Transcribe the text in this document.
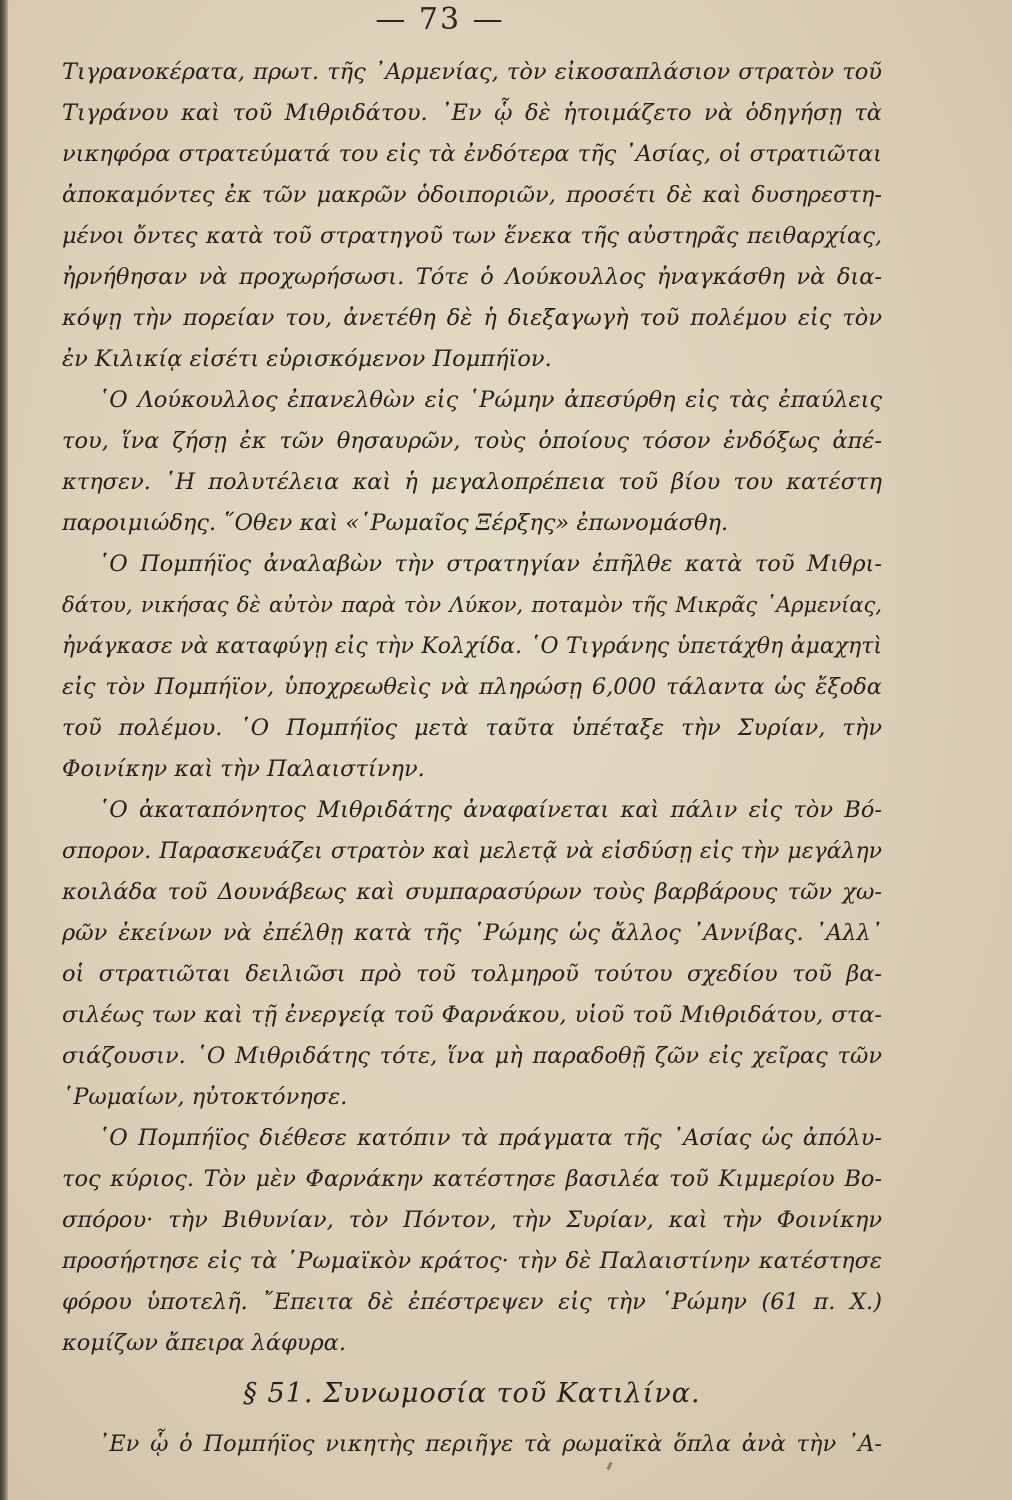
— 73 —
Τιγρανοκέρατα, πρωτ. τῆς ᾿Αρμενίας, τὸν εἰκοσαπλάσιον στρατὸν τοῦ
Τιγράνου καὶ τοῦ Μιθριδάτου. ᾿Εν ᾧ δὲ ἡτοιμάζετο νὰ ὁδηγήσῃ τὰ
νικηφόρα στρατεύματά του εἰς τὰ ἐνδότερα τῆς ᾿Ασίας, οἱ στρατιῶται
ἀποκαμόντες ἐκ τῶν μακρῶν ὁδοιποριῶν, προσέτι δὲ καὶ δυσηρεστη-
μένοι ὄντες κατὰ τοῦ στρατηγοῦ των ἕνεκα τῆς αὐστηρᾶς πειθαρχίας,
ἠρνήθησαν νὰ προχωρήσωσι. Τότε ὁ Λούκουλλος ἠναγκάσθη νὰ δια-
κόψῃ τὴν πορείαν του, ἀνετέθη δὲ ἡ διεξαγωγὴ τοῦ πολέμου εἰς τὸν
ἐν Κιλικίᾳ εἰσέτι εὑρισκόμενον Πομπήϊον.
῾Ο Λούκουλλος ἐπανελθὼν εἰς ῾Ρώμην ἀπεσύρθη εἰς τὰς ἐπαύλεις
του, ἵνα ζήσῃ ἐκ τῶν θησαυρῶν, τοὺς ὁποίους τόσον ἐνδόξως ἀπέ-
κτησεν. ῾Η πολυτέλεια καὶ ἡ μεγαλοπρέπεια τοῦ βίου του κατέστη
παροιμιώδης. ῞Οθεν καὶ «῾Ρωμαῖος Ξέρξης» ἐπωνομάσθη.
῾Ο Πομπήϊος ἀναλαβὼν τὴν στρατηγίαν ἐπῆλθε κατὰ τοῦ Μιθρι-
δάτου, νικήσας δὲ αὐτὸν παρὰ τὸν Λύκον, ποταμὸν τῆς Μικρᾶς ᾿Αρμενίας,
ἠνάγκασε νὰ καταφύγῃ εἰς τὴν Κολχίδα. ῾Ο Τιγράνης ὑπετάχθη ἀμαχητὶ
εἰς τὸν Πομπήϊον, ὑποχρεωθεὶς νὰ πληρώσῃ 6,000 τάλαντα ὡς ἔξοδα
τοῦ πολέμου. ῾Ο Πομπήϊος μετὰ ταῦτα ὑπέταξε τὴν Συρίαν, τὴν
Φοινίκην καὶ τὴν Παλαιστίνην.
῾Ο ἀκαταπόνητος Μιθριδάτης ἀναφαίνεται καὶ πάλιν εἰς τὸν Βό-
σπορον. Παρασκευάζει στρατὸν καὶ μελετᾷ νὰ εἰσδύσῃ εἰς τὴν μεγάλην
κοιλάδα τοῦ Δουνάβεως καὶ συμπαρασύρων τοὺς βαρβάρους τῶν χω-
ρῶν ἐκείνων νὰ ἐπέλθῃ κατὰ τῆς ῾Ρώμης ὡς ἄλλος ᾿Αννίβας. ᾿Αλλ᾿
οἱ στρατιῶται δειλιῶσι πρὸ τοῦ τολμηροῦ τούτου σχεδίου τοῦ βα-
σιλέως των καὶ τῇ ἐνεργείᾳ τοῦ Φαρνάκου, υἱοῦ τοῦ Μιθριδάτου, στα-
σιάζουσιν. ῾Ο Μιθριδάτης τότε, ἵνα μὴ παραδοθῇ ζῶν εἰς χεῖρας τῶν
῾Ρωμαίων, ηὐτοκτόνησε.
῾Ο Πομπήϊος διέθεσε κατόπιν τὰ πράγματα τῆς ᾿Ασίας ὡς ἀπόλυ-
τος κύριος. Τὸν μὲν Φαρνάκην κατέστησε βασιλέα τοῦ Κιμμερίου Βο-
σπόρου· τὴν Βιθυνίαν, τὸν Πόντον, τὴν Συρίαν, καὶ τὴν Φοινίκην
προσήρτησε εἰς τὰ ῾Ρωμαϊκὸν κράτος· τὴν δὲ Παλαιστίνην κατέστησε
φόρου ὑποτελῆ. ῎Επειτα δὲ ἐπέστρεψεν εἰς τὴν ῾Ρώμην (61 π. Χ.)
κομίζων ἄπειρα λάφυρα.
§ 51. Συνωμοσία τοῦ Κατιλίνα.
᾿Εν ᾧ ὁ Πομπήϊος νικητὴς περιῆγε τὰ ρωμαϊκὰ ὅπλα ἀνὰ τὴν ᾿Α-
